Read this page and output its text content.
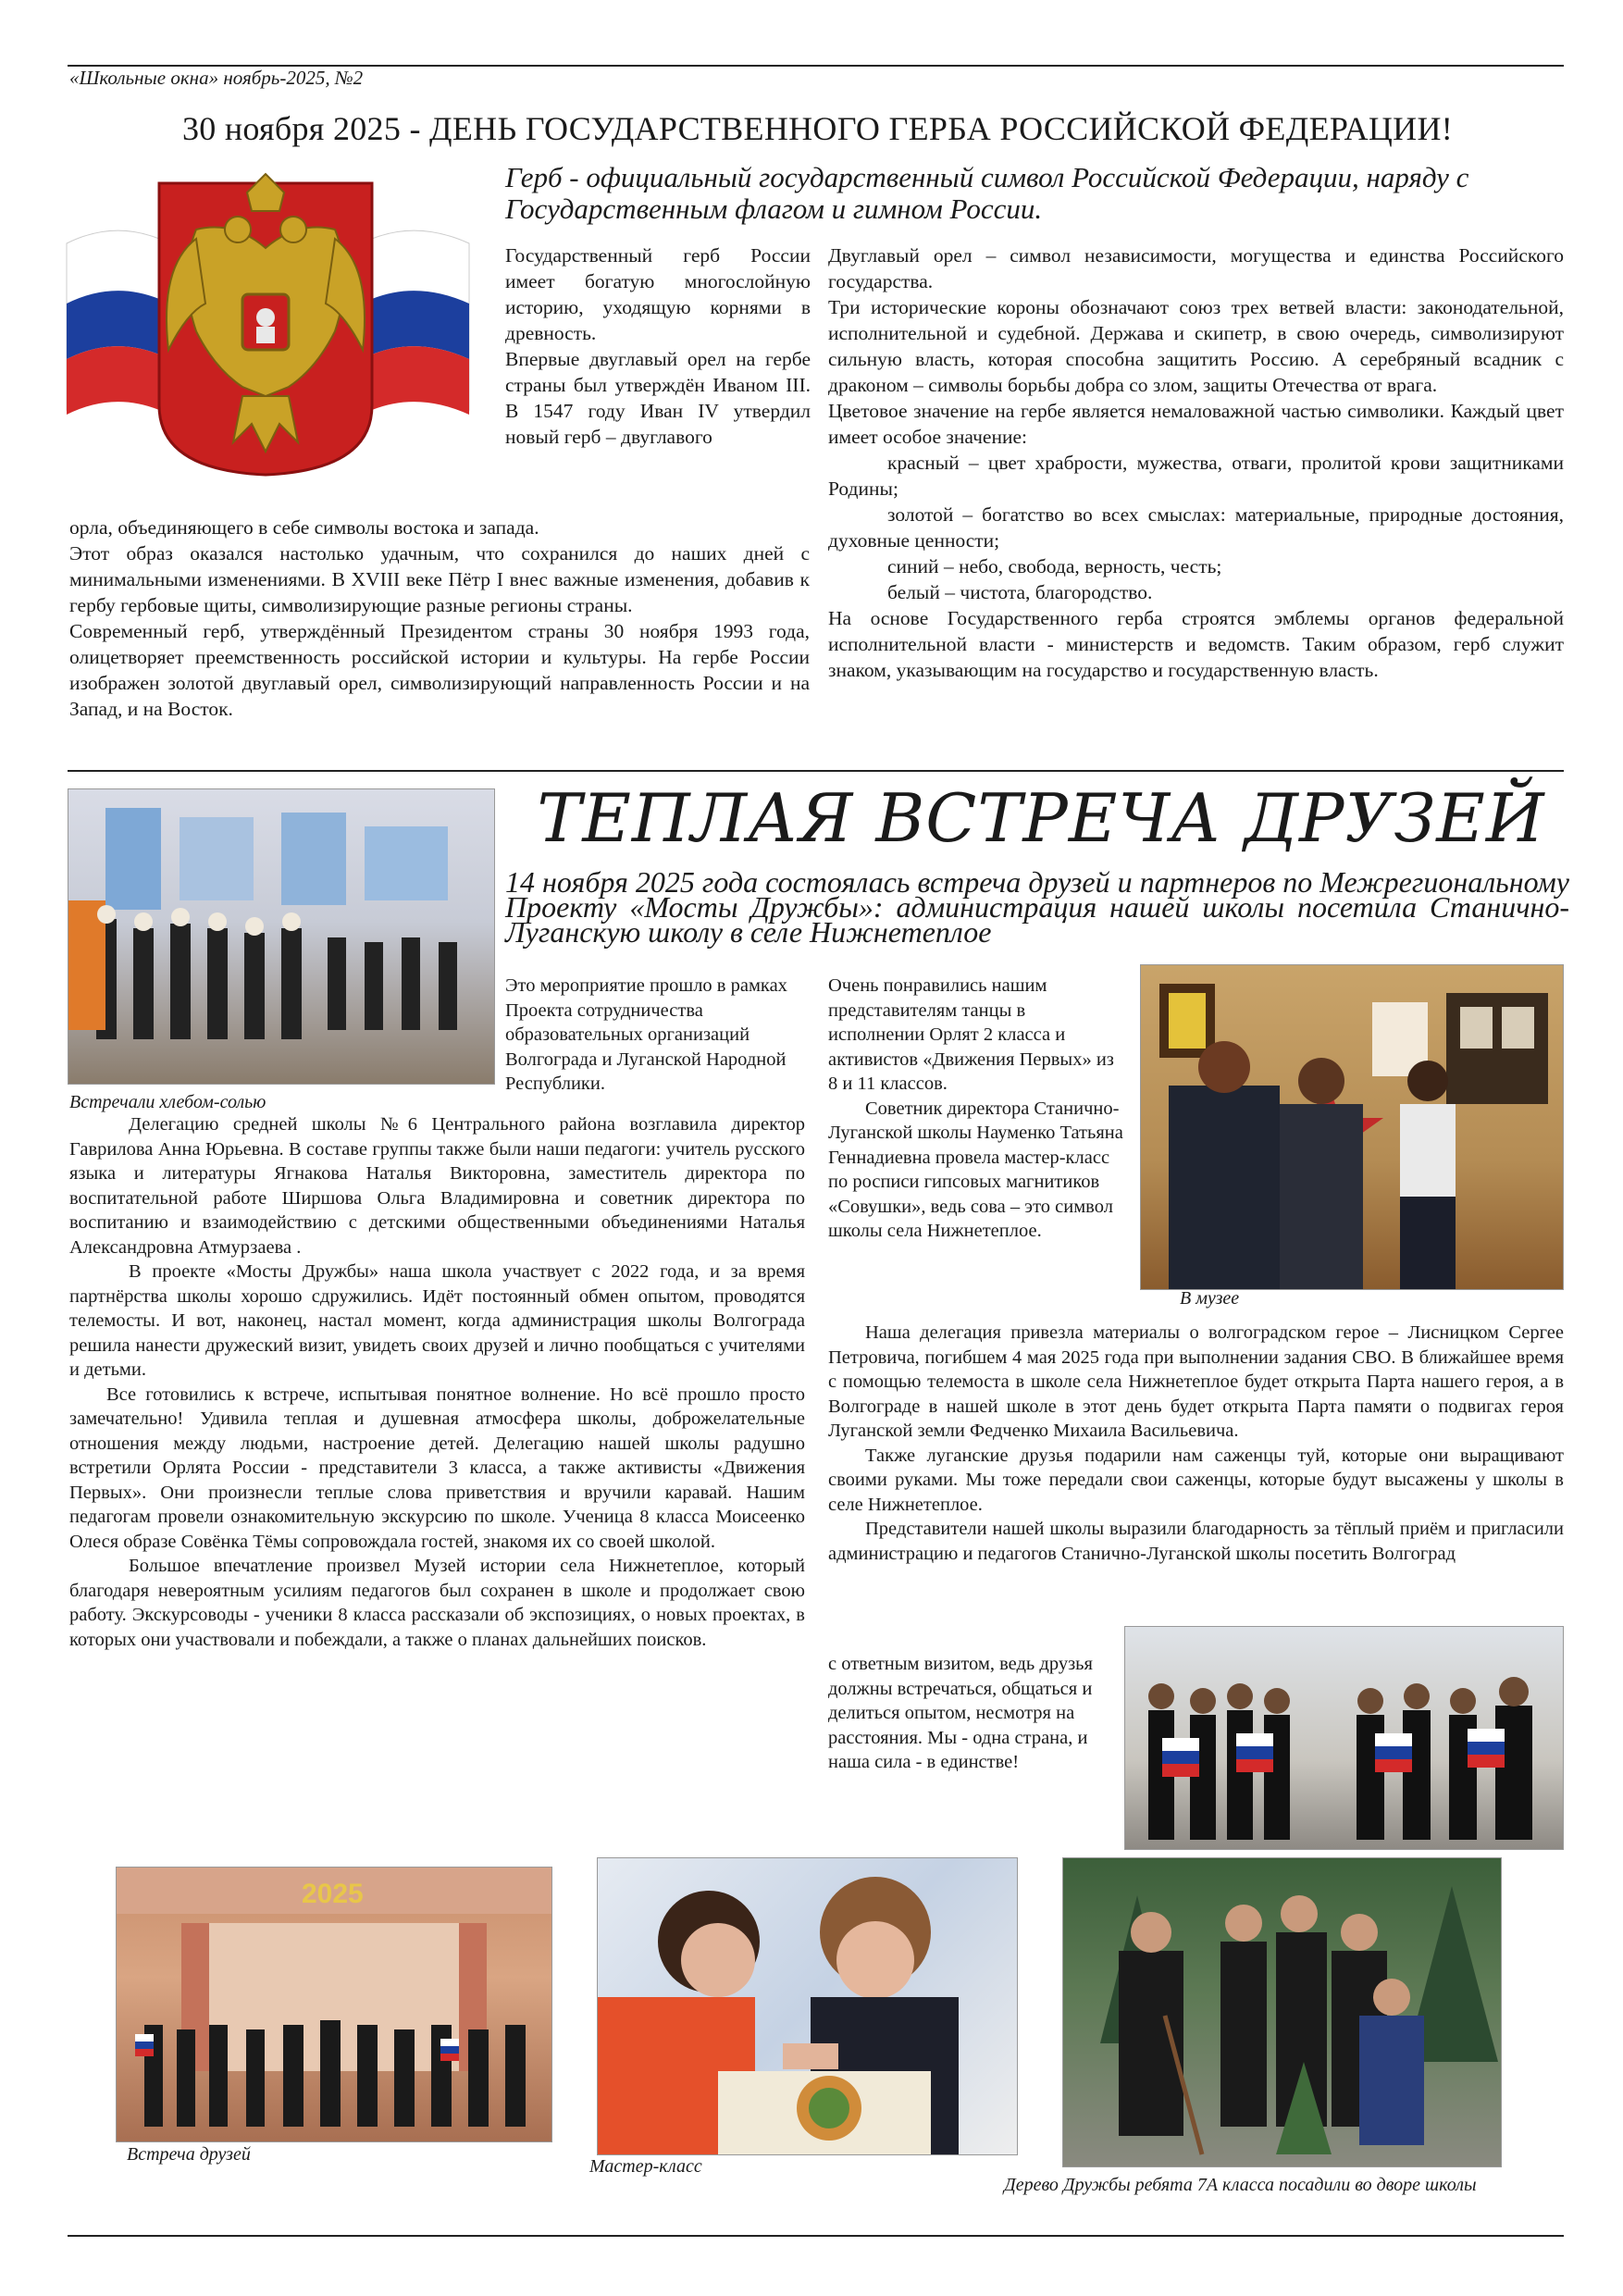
«Школьные окна» ноябрь-2025, №2
30 ноября 2025 - ДЕНЬ ГОСУДАРСТВЕННОГО ГЕРБА РОССИЙСКОЙ ФЕДЕРАЦИИ!
Герб - официальный государственный символ Российской Федерации, наряду с Государственным флагом и гимном России.

Государственный герб России имеет богатую многослойную историю, уходящую корнями в древность.

Впервые двуглавый орел на гербе страны был утверждён Иваном III. В 1547 году Иван IV утвердил новый герб – двуглавого

орла, объединяющего в себе символы востока и запада.

Этот образ оказался настолько удачным, что сохранился до наших дней с минимальными изменениями. В XVIII веке Пётр I внес важные изменения, добавив к гербу гербовые щиты, символизирующие разные регионы страны.

Современный герб, утверждённый Президентом страны 30 ноября 1993 года, олицетворяет преемственность российской истории и культуры. На гербе России изображен золотой двуглавый орел, символизирующий направленность России и на Запад, и на Восток.

Двуглавый орел – символ независимости, могущества и единства Российского государства.

Три исторические короны обозначают союз трех ветвей власти: законодательной, исполнительной и судебной. Держава и скипетр, в свою очередь, символизируют сильную власть, которая способна защитить Россию. А серебряный всадник с драконом – символы борьбы добра со злом, защиты Отечества от врага.

Цветовое значение на гербе является немаловажной частью символики. Каждый цвет имеет особое значение:

красный – цвет храбрости, мужества, отваги, пролитой крови защитниками Родины;

золотой – богатство во всех смыслах: материальные, природные достояния, духовные ценности;

синий – небо, свобода, верность, честь;

белый – чистота, благородство.

На основе Государственного герба строятся эмблемы органов федеральной исполнительной власти - министерств и ведомств. Таким образом, герб служит знаком, указывающим на государство и государственную власть.

Встречали хлебом-солью
ТЕПЛАЯ ВСТРЕЧА ДРУЗЕЙ
14 ноября 2025 года состоялась встреча друзей и партнеров по Межрегиональному Проекту «Мосты Дружбы»: администрация нашей школы посетила Станично-Луганскую школу в селе Нижнетеплое
Это мероприятие прошло в рамках Проекта сотрудничества образовательных организаций Волгограда и Луганской Народной Республики.

Делегацию средней школы №6 Центрального района возглавила директор Гаврилова Анна Юрьевна. В составе группы также были наши педагоги: учитель русского языка и литературы Ягнакова Наталья Викторовна, заместитель директора по воспитательной работе Ширшова Ольга Владимировна и советник директора по воспитанию и взаимодействию с детскими общественными объединениями Наталья Александровна Атмурзаева .

В проекте «Мосты Дружбы» наша школа участвует с 2022 года, и за время партнёрства школы хорошо сдружились. Идёт постоянный обмен опытом, проводятся телемосты. И вот, наконец, настал момент, когда администрация школы Волгограда решила нанести дружеский визит, увидеть своих друзей и лично пообщаться с учителями и детьми.

Все готовились к встрече, испытывая понятное волнение. Но всё прошло просто замечательно! Удивила теплая и душевная атмосфера школы, доброжелательные отношения между людьми, настроение детей. Делегацию нашей школы радушно встретили Орлята России - представители 3 класса, а также активисты «Движения Первых». Они произнесли теплые слова приветствия и вручили каравай. Нашим педагогам провели ознакомительную экскурсию по школе. Ученица 8 класса Моисеенко Олеся образе Совёнка Тёмы сопровождала гостей, знакомя их со своей школой.

Большое впечатление произвел Музей истории села Нижнетеплое, который благодаря невероятным усилиям педагогов был сохранен в школе и продолжает свою работу. Экскурсоводы - ученики 8 класса рассказали об экспозициях, о новых проектах, в которых они участвовали и побеждали, а также о планах дальнейших поисков.

Очень понравились нашим представителям танцы в исполнении Орлят 2 класса и активистов «Движения Первых» из 8 и 11 классов.

Советник директора Станично-Луганской школы Науменко Татьяна Геннадиевна провела мастер-класс по росписи гипсовых магнитиков «Совушки», ведь сова – это символ школы села Нижнетеплое.

В музее

Наша делегация привезла материалы о волгоградском герое – Лисницком Сергее Петровича, погибшем 4 мая 2025 года при выполнении задания СВО. В ближайшее время с помощью телемоста в школе села Нижнетеплое будет открыта Парта нашего героя, а в Волгограде в нашей школе в этот день будет открыта Парта памяти о подвигах героя Луганской земли Федченко Михаила Васильевича.

Также луганские друзья подарили нам саженцы туй, которые они выращивают своими руками. Мы тоже передали свои саженцы, которые будут высажены у школы в селе Нижнетеплое.

Представители нашей школы выразили благодарность за тёплый приём и пригласили администрацию и педагогов Станично-Луганской школы посетить Волгоград

с ответным визитом, ведь друзья должны встречаться, общаться и делиться опытом, несмотря на расстояния. Мы - одна страна, и наша сила - в единстве!
2025
Встреча друзей
Мастер-класс
Дерево Дружбы ребята 7А класса посадили во дворе школы
